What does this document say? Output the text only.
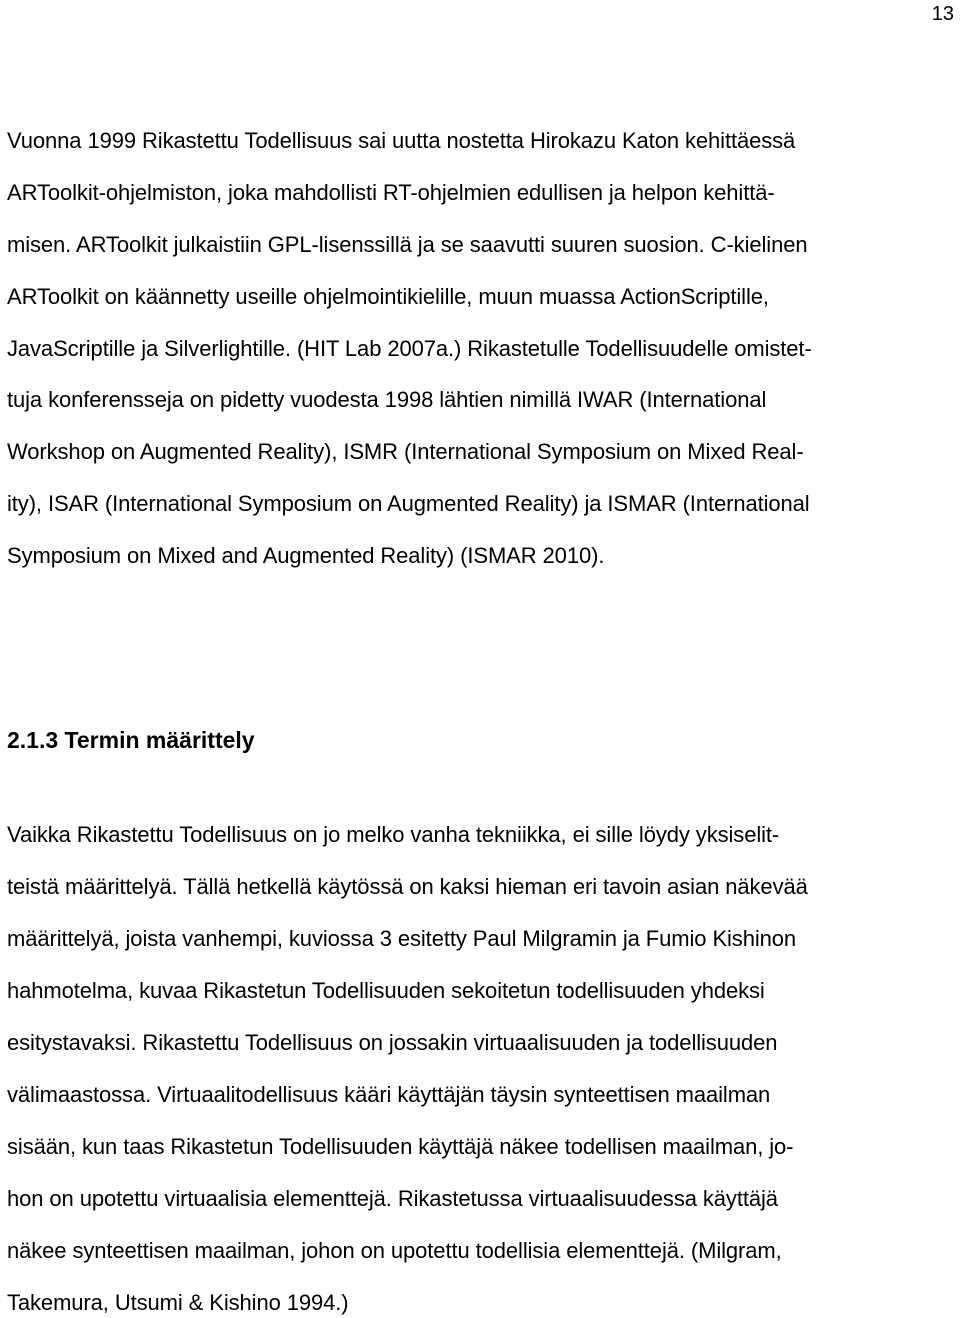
13
Vuonna 1999 Rikastettu Todellisuus sai uutta nostetta Hirokazu Katon kehittäessä
ARToolkit-ohjelmiston, joka mahdollisti RT-ohjelmien edullisen ja helpon kehittä-
misen. ARToolkit julkaistiin GPL-lisenssillä ja se saavutti suuren suosion. C-kielinen
ARToolkit on käännetty useille ohjelmointikielille, muun muassa ActionScriptille,
JavaScriptille ja Silverlightille. (HIT Lab 2007a.) Rikastetulle Todellisuudelle omistet-
tuja konferensseja on pidetty vuodesta 1998 lähtien nimillä IWAR (International
Workshop on Augmented Reality), ISMR (International Symposium on Mixed Real-
ity), ISAR (International Symposium on Augmented Reality) ja ISMAR (International
Symposium on Mixed and Augmented Reality) (ISMAR 2010).
2.1.3 Termin määrittely
Vaikka Rikastettu Todellisuus on jo melko vanha tekniikka, ei sille löydy yksiselit-
teistä määrittelyä. Tällä hetkellä käytössä on kaksi hieman eri tavoin asian näkevää
määrittelyä, joista vanhempi, kuviossa 3 esitetty Paul Milgramin ja Fumio Kishinon
hahmotelma, kuvaa Rikastetun Todellisuuden sekoitetun todellisuuden yhdeksi
esitystavaksi. Rikastettu Todellisuus on jossakin virtuaalisuuden ja todellisuuden
välimaastossa. Virtuaalitodellisuus kääri käyttäjän täysin synteettisen maailman
sisään, kun taas Rikastetun Todellisuuden käyttäjä näkee todellisen maailman, jo-
hon on upotettu virtuaalisia elementtejä. Rikastetussa virtuaalisuudessa käyttäjä
näkee synteettisen maailman, johon on upotettu todellisia elementtejä. (Milgram,
Takemura, Utsumi & Kishino 1994.)
